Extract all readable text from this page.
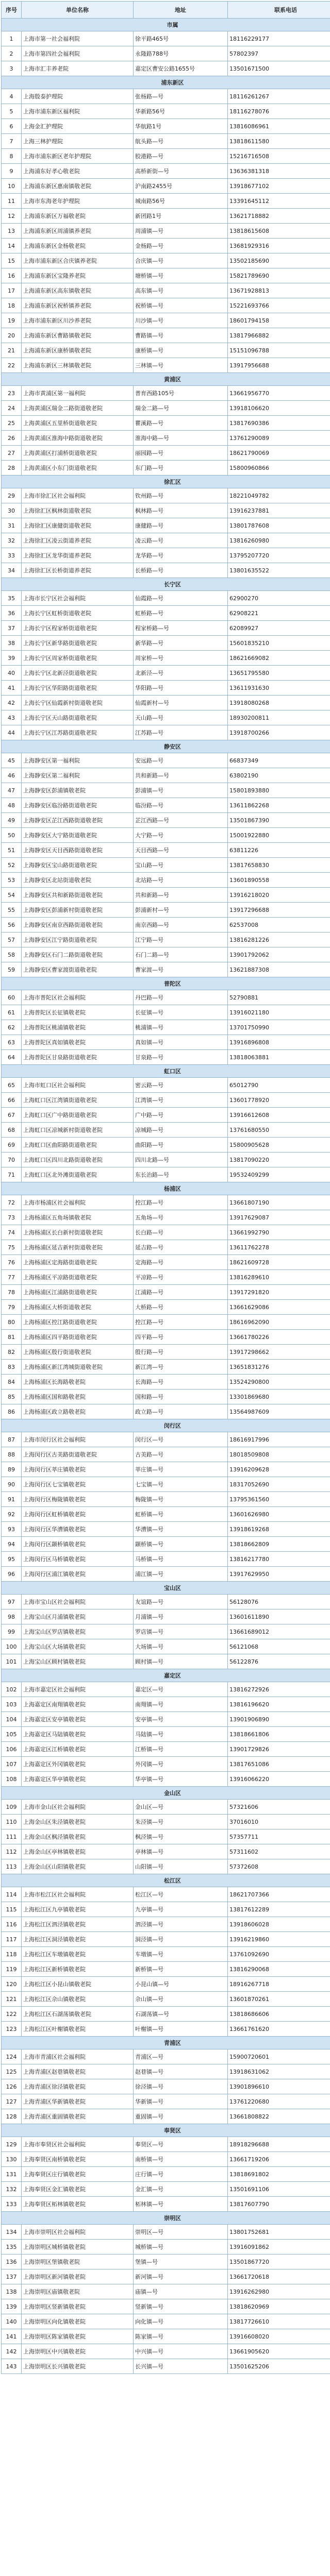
序号	单位名称	地址	联系电话
市属			
1	上海市第一社会福利院	徐平路465号	18116229177
2	上海市第四社会福利院	永隆路788号	57802397
3	上海市汇丰养老院	嘉定区曹安公路1655号	13501671500
浦东新区			
4	上海殷泰护理院	张杨路—号	18116261267
5	上海市浦东新区福利院	华新路56号	18116278076
6	上海金汇护理院	华航路1号	13816086961
7	上海三林护理院	航头路—号	13818611580
8	上海市浦东新区老年护理院	胶港路—号	15216716508
9	上海浦东好孝心敬老院	高桥新街—号	13636381318
10	上海浦东新区惠南镇敬老院	沪南路2455号	13918677102
11	上海市东海老年护理院	城南路56号	13391645112
12	上海浦东新区万福敬老院	新团路1号	13621718882
13	上海浦东新区周浦镇养老院	周浦镇—号	13818615608
14	上海浦东新区金杨敬老院	金杨路—号	13681929316
15	上海市浦东新区合庆镇养老院	合庆镇—号	13502185690
16	上海浦东新区宝隆养老院	塘桥镇—号	15821789690
17	上海浦东新区高东镇敬老院	高东镇—号	13671928813
18	上海浦东新区祝桥镇养老院	祝桥镇—号	15221693766
19	上海市浦东新区川沙养老院	川沙镇—号	18601794158
20	上海浦东新区曹路镇敬老院	曹路镇—号	13817966882
21	上海浦东新区康桥镇敬老院	康桥镇—号	15151096788
22	上海浦东新区三林镇敬老院	三林镇—号	13917956688
黄浦区			
23	上海市黄浦区第一福利院	普育西路105号	13661956770
24	上海黄浦区瑞金二路街道敬老院	瑞金二路—号	13918106620
25	上海黄浦区五里桥街道敬老院	瞿溪路—号	13817690386
26	上海黄浦区淮海中路街道敬老院	淮海中路—号	13761290089
27	上海黄浦区打浦桥街道敬老院	丽园路—号	18621790069
28	上海黄浦区小东门街道敬老院	东门路—号	15800960866
徐汇区			
29	上海市徐汇区社会福利院	钦州路—号	18221049782
30	上海徐汇区枫林街道敬老院	枫林路—号	13916237881
31	上海徐汇区康健街道敬老院	康健路—号	13801787608
32	上海徐汇区凌云街道养老院	凌云路—号	13816260980
33	上海徐汇区龙华街道养老院	龙华路—号	13795207720
34	上海徐汇区长桥街道养老院	长桥路—号	13801635522
长宁区			
35	上海市长宁区社会福利院	仙霞路—号	62900270
36	上海长宁区虹桥街道敬老院	虹桥路—号	62908221
37	上海长宁区程家桥街道敬老院	程家桥路—号	62089927
38	上海长宁区新华路街道敬老院	新华路—号	15601835210
39	上海长宁区周家桥街道敬老院	周家桥—号	18621669082
40	上海长宁区北新泾街道敬老院	北新泾—号	13651795580
41	上海长宁区华阳路街道敬老院	华阳路—号	13611931630
42	上海长宁区仙霞新村街道敬老院	仙霞新村—号	13918080268
43	上海长宁区天山路街道敬老院	天山路—号	18930200811
44	上海长宁区江苏路街道敬老院	江苏路—号	13918700266
静安区			
45	上海静安区第一福利院	安远路—号	66837349
46	上海静安区第二福利院	共和新路—号	63802190
47	上海静安区彭浦镇敬老院	彭浦镇—号	15801893880
48	上海静安区临汾路街道敬老院	临汾路—号	13611862268
49	上海静安区芷江西路街道敬老院	芷江西路—号	13501867390
50	上海静安区大宁路街道敬老院	大宁路—号	15001922880
51	上海静安区天目西路街道敬老院	天目西路—号	63811226
52	上海静安区宝山路街道敬老院	宝山路—号	13817658830
53	上海静安区北站街道敬老院	北站路—号	13601890558
54	上海静安区共和新路街道敬老院	共和新路—号	13916218020
55	上海静安区彭浦新村街道敬老院	彭浦新村—号	13917296688
56	上海静安区南京西路街道敬老院	南京西路—号	62537008
57	上海静安区江宁路街道敬老院	江宁路—号	13816281226
58	上海静安区石门二路街道敬老院	石门二路—号	13901792062
59	上海静安区曹家渡街道敬老院	曹家渡—号	13621887308
普陀区			
60	上海市普陀区社会福利院	丹巴路—号	52790881
61	上海普陀区长征镇敬老院	长征镇—号	13916021180
62	上海普陀区桃浦镇敬老院	桃浦镇—号	13701750990
63	上海普陀区真如镇敬老院	真如镇—号	13916896808
64	上海普陀区甘泉路街道敬老院	甘泉路—号	13818063881
虹口区			
65	上海市虹口区社会福利院	密云路—号	65012790
66	上海虹口区江湾镇街道敬老院	江湾镇—号	13601778920
67	上海虹口区广中路街道敬老院	广中路—号	13916612608
68	上海虹口区凉城新村街道敬老院	凉城路—号	13761680550
69	上海虹口区曲阳路街道敬老院	曲阳路—号	15800905628
70	上海虹口区四川北路街道敬老院	四川北路—号	13817090220
71	上海虹口区北外滩街道敬老院	东长治路—号	19532409299
杨浦区			
72	上海市杨浦区社会福利院	控江路—号	13661807190
73	上海杨浦区五角场镇敬老院	五角场—号	13917629087
74	上海杨浦区长白新村街道敬老院	长白路—号	13661992790
75	上海杨浦区延吉新村街道敬老院	延吉路—号	13611762278
76	上海杨浦区定海路街道敬老院	定海路—号	18621609728
77	上海杨浦区平凉路街道敬老院	平凉路—号	13816289610
78	上海杨浦区江浦路街道敬老院	江浦路—号	13917291820
79	上海杨浦区大桥街道敬老院	大桥路—号	13661629086
80	上海杨浦区控江路街道敬老院	控江路—号	18616962090
81	上海杨浦区四平路街道敬老院	四平路—号	13661780226
82	上海杨浦区殷行街道敬老院	殷行路—号	13917298662
83	上海杨浦区新江湾城街道敬老院	新江湾—号	13651831276
84	上海杨浦区长海路敬老院	长海路—号	13524290800
85	上海杨浦区国和路敬老院	国和路—号	13301869680
86	上海杨浦区政立路敬老院	政立路—号	13564987609
闵行区			
87	上海市闵行区社会福利院	闵行区—号	18616917996
88	上海闵行区古美路街道敬老院	古美路—号	18018509808
89	上海闵行区莘庄镇敬老院	莘庄镇—号	13916209628
90	上海闵行区七宝镇敬老院	七宝镇—号	18317052690
91	上海闵行区梅陇镇敬老院	梅陇镇—号	13795361560
92	上海闵行区虹桥镇敬老院	虹桥镇—号	13601626980
93	上海闵行区华漕镇敬老院	华漕镇—号	13918619268
94	上海闵行区颛桥镇敬老院	颛桥镇—号	13818662809
95	上海闵行区马桥镇敬老院	马桥镇—号	13816217780
96	上海闵行区浦江镇敬老院	浦江镇—号	13917629950
宝山区			
97	上海市宝山区社会福利院	友谊路—号	56128076
98	上海宝山区月浦镇敬老院	月浦镇—号	13601611890
99	上海宝山区罗店镇敬老院	罗店镇—号	13661689012
100	上海宝山区大场镇敬老院	大场镇—号	56121068
101	上海宝山区顾村镇敬老院	顾村镇—号	56122876
嘉定区			
102	上海市嘉定区社会福利院	嘉定区—号	13816272926
103	上海嘉定区南翔镇敬老院	南翔镇—号	13816196620
104	上海嘉定区安亭镇敬老院	安亭镇—号	13901906890
105	上海嘉定区马陆镇敬老院	马陆镇—号	13818661806
106	上海嘉定区江桥镇敬老院	江桥镇—号	13901729826
107	上海嘉定区外冈镇敬老院	外冈镇—号	13817651086
108	上海嘉定区华亭镇敬老院	华亭镇—号	13916066220
金山区			
109	上海市金山区社会福利院	金山区—号	57321606
110	上海金山区朱泾镇敬老院	朱泾镇—号	37016010
111	上海金山区枫泾镇敬老院	枫泾镇—号	57357711
112	上海金山区亭林镇敬老院	亭林镇—号	57311602
113	上海金山区山阳镇敬老院	山阳镇—号	57372608
松江区			
114	上海市松江区社会福利院	松江区—号	18621707366
115	上海松江区九亭镇敬老院	九亭镇—号	13817612289
116	上海松江区泗泾镇敬老院	泗泾镇—号	13918606028
117	上海松江区洞泾镇敬老院	洞泾镇—号	13916219860
118	上海松江区车墩镇敬老院	车墩镇—号	13761092690
119	上海松江区新桥镇敬老院	新桥镇—号	13816290068
120	上海松江区小昆山镇敬老院	小昆山镇—号	18916267718
121	上海松江区佘山镇敬老院	佘山镇—号	13601870261
122	上海松江区石湖荡镇敬老院	石湖荡镇—号	13818686606
123	上海松江区叶榭镇敬老院	叶榭镇—号	13661761620
青浦区			
124	上海市青浦区社会福利院	青浦区—号	15900720601
125	上海青浦区赵巷镇敬老院	赵巷镇—号	13918631062
126	上海青浦区徐泾镇敬老院	徐泾镇—号	13901896610
127	上海青浦区华新镇敬老院	华新镇—号	13761220680
128	上海青浦区重固镇敬老院	重固镇—号	13661808822
奉贤区			
129	上海市奉贤区社会福利院	奉贤区—号	18918296688
130	上海奉贤区南桥镇敬老院	南桥镇—号	13661719206
131	上海奉贤区庄行镇敬老院	庄行镇—号	13818691802
132	上海奉贤区金汇镇敬老院	金汇镇—号	13501691106
133	上海奉贤区柘林镇敬老院	柘林镇—号	13817607790
崇明区			
134	上海市崇明区社会福利院	崇明区—号	13801752681
135	上海崇明区城桥镇敬老院	城桥镇—号	13916091862
136	上海崇明区堡镇敬老院	堡镇—号	13501867720
137	上海崇明区新河镇敬老院	新河镇—号	13661720618
138	上海崇明区庙镇敬老院	庙镇—号	13916262980
139	上海崇明区竖新镇敬老院	竖新镇—号	13818620969
140	上海崇明区向化镇敬老院	向化镇—号	13817726610
141	上海崇明区陈家镇敬老院	陈家镇—号	13916608020
142	上海崇明区中兴镇敬老院	中兴镇—号	13661905620
143	上海崇明区长兴镇敬老院	长兴镇—号	13501625206
